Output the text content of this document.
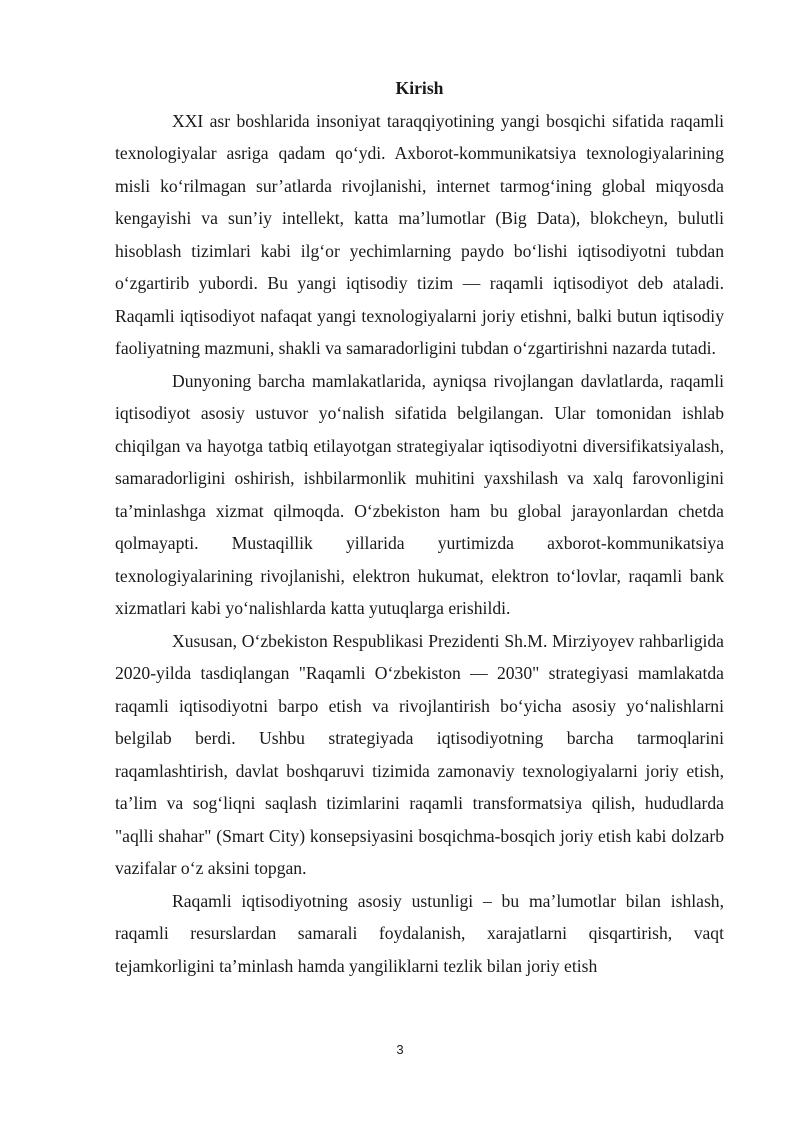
Kirish

XXI asr boshlarida insoniyat taraqqiyotining yangi bosqichi sifatida raqamli texnologiyalar asriga qadam qo‘ydi. Axborot-kommunikatsiya texnologiyalarining misli ko‘rilmagan sur’atlarda rivojlanishi, internet tarmog‘ining global miqyosda kengayishi va sun’iy intellekt, katta ma’lumotlar (Big Data), blokcheyn, bulutli hisoblash tizimlari kabi ilg‘or yechimlarning paydo bo‘lishi iqtisodiyotni tubdan o‘zgartirib yubordi. Bu yangi iqtisodiy tizim — raqamli iqtisodiyot deb ataladi. Raqamli iqtisodiyot nafaqat yangi texnologiyalarni joriy etishni, balki butun iqtisodiy faoliyatning mazmuni, shakli va samaradorligini tubdan o‘zgartirishni nazarda tutadi.

Dunyoning barcha mamlakatlarida, ayniqsa rivojlangan davlatlarda, raqamli iqtisodiyot asosiy ustuvor yo‘nalish sifatida belgilangan. Ular tomonidan ishlab chiqilgan va hayotga tatbiq etilayotgan strategiyalar iqtisodiyotni diversifikatsiyalash, samaradorligini oshirish, ishbilarmonlik muhitini yaxshilash va xalq farovonligini ta’minlashga xizmat qilmoqda. O‘zbekiston ham bu global jarayonlardan chetda qolmayapti. Mustaqillik yillarida yurtimizda axborot-kommunikatsiya texnologiyalarining rivojlanishi, elektron hukumat, elektron to‘lovlar, raqamli bank xizmatlari kabi yo‘nalishlarda katta yutuqlarga erishildi.

Xususan, O‘zbekiston Respublikasi Prezidenti Sh.M. Mirziyoyev rahbarligida 2020-yilda tasdiqlangan "Raqamli O‘zbekiston — 2030" strategiyasi mamlakatda raqamli iqtisodiyotni barpo etish va rivojlantirish bo‘yicha asosiy yo‘nalishlarni belgilab berdi. Ushbu strategiyada iqtisodiyotning barcha tarmoqlarini raqamlashtirish, davlat boshqaruvi tizimida zamonaviy texnologiyalarni joriy etish, ta’lim va sog‘liqni saqlash tizimlarini raqamli transformatsiya qilish, hududlarda "aqlli shahar" (Smart City) konsepsiyasini bosqichma-bosqich joriy etish kabi dolzarb vazifalar o‘z aksini topgan.

Raqamli iqtisodiyotning asosiy ustunligi – bu ma’lumotlar bilan ishlash, raqamli resurslardan samarali foydalanish, xarajatlarni qisqartirish, vaqt tejamkorligini ta’minlash hamda yangiliklarni tezlik bilan joriy etish

3
